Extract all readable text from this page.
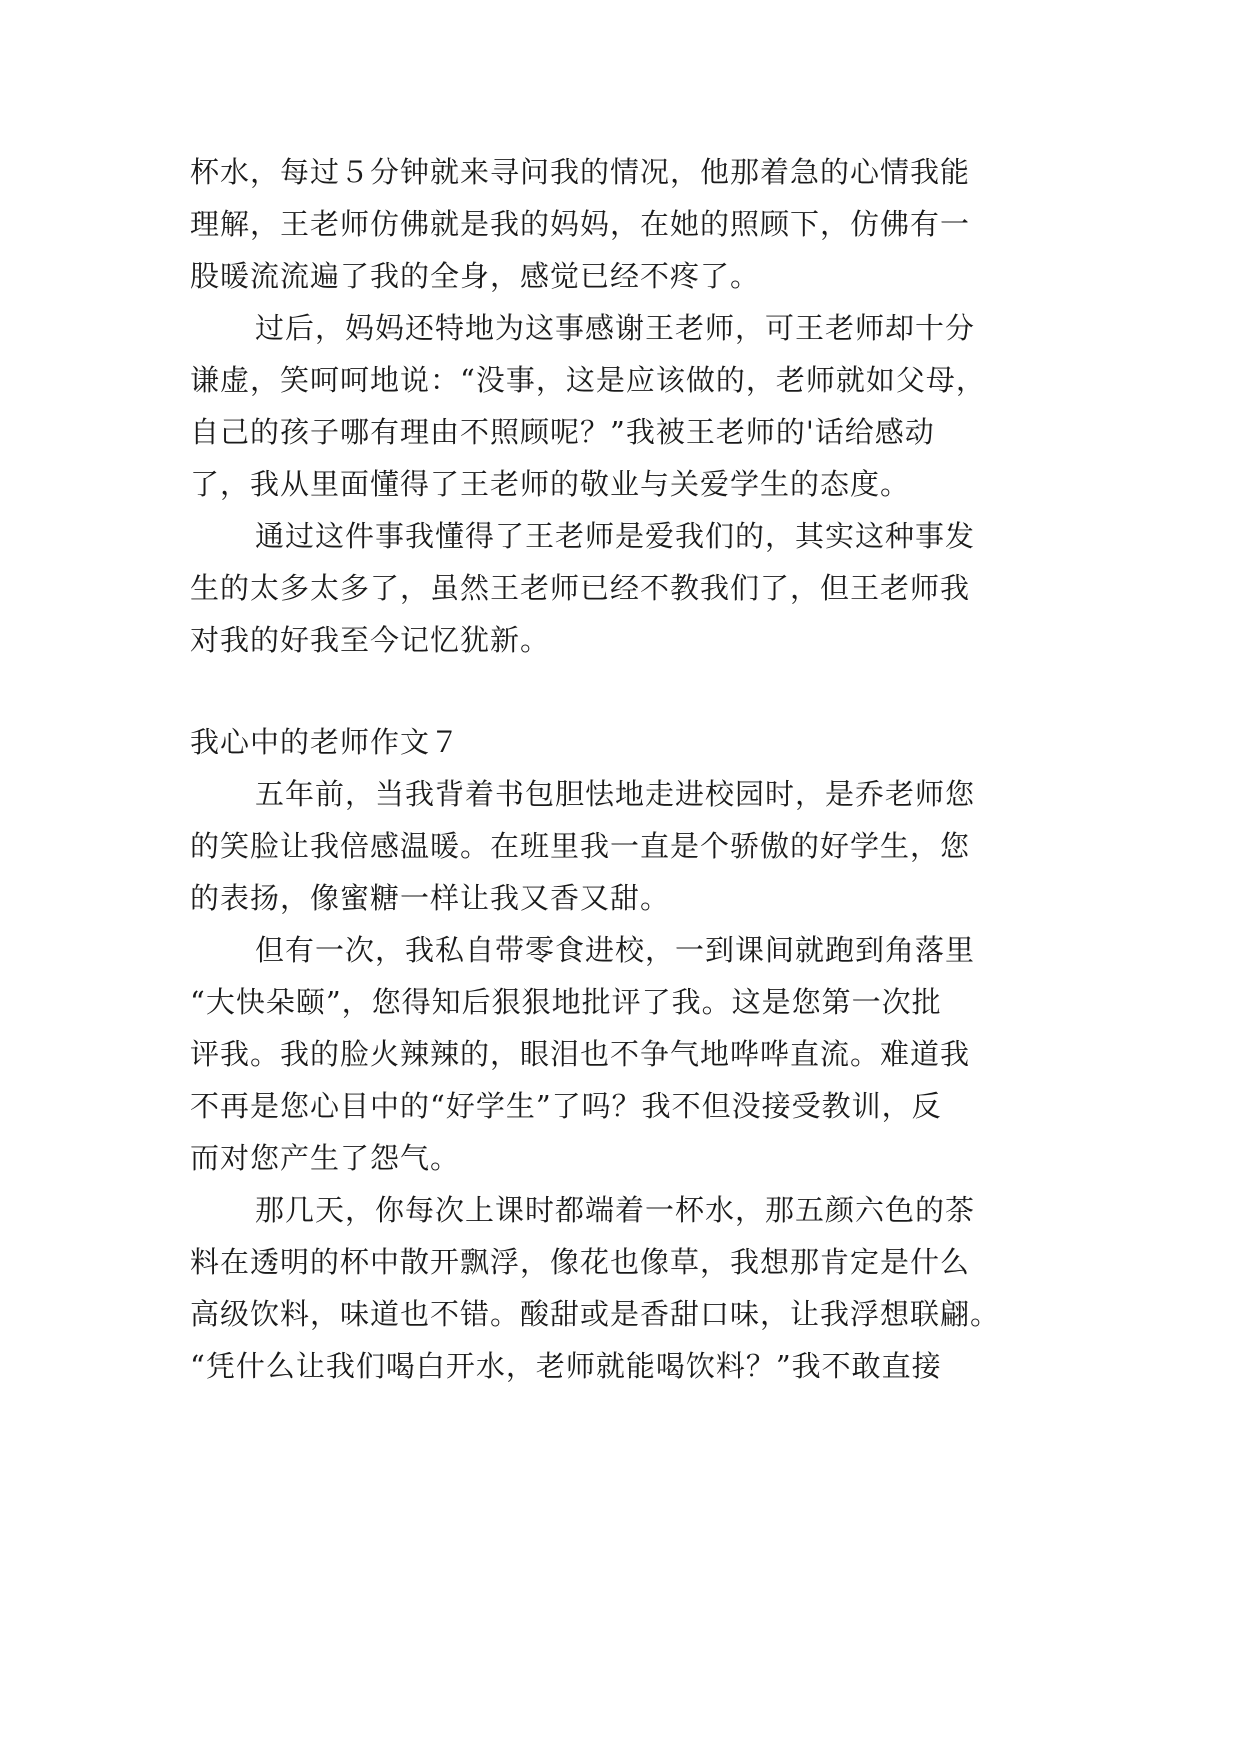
杯水，每过５分钟就来寻问我的情况，他那着急的心情我能
理解，王老师仿佛就是我的妈妈，在她的照顾下，仿佛有一
股暖流流遍了我的全身，感觉已经不疼了。
过后，妈妈还特地为这事感谢王老师，可王老师却十分
谦虚，笑呵呵地说：“没事，这是应该做的，老师就如父母，
自己的孩子哪有理由不照顾呢？”我被王老师的'话给感动
了，我从里面懂得了王老师的敬业与关爱学生的态度。
通过这件事我懂得了王老师是爱我们的，其实这种事发
生的太多太多了，虽然王老师已经不教我们了，但王老师我
对我的好我至今记忆犹新。
我心中的老师作文７
五年前，当我背着书包胆怯地走进校园时，是乔老师您
的笑脸让我倍感温暖。在班里我一直是个骄傲的好学生，您
的表扬，像蜜糖一样让我又香又甜。
但有一次，我私自带零食进校，一到课间就跑到角落里
“大快朵颐”，您得知后狠狠地批评了我。这是您第一次批
评我。我的脸火辣辣的，眼泪也不争气地哗哗直流。难道我
不再是您心目中的“好学生”了吗？我不但没接受教训，反
而对您产生了怨气。
那几天，你每次上课时都端着一杯水，那五颜六色的茶
料在透明的杯中散开飘浮，像花也像草，我想那肯定是什么
高级饮料，味道也不错。酸甜或是香甜口味，让我浮想联翩。
“凭什么让我们喝白开水，老师就能喝饮料？”我不敢直接
